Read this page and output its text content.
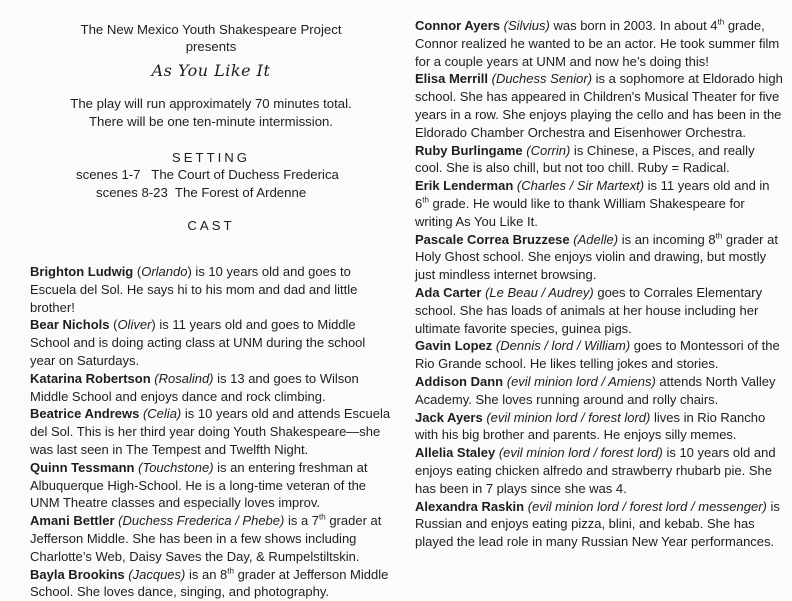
The New Mexico Youth Shakespeare Project
presents
As You Like It
The play will run approximately 70 minutes total.
There will be one ten-minute intermission.
SETTING
scenes 1-7   The Court of Duchess Frederica
scenes 8-23  The Forest of Ardenne
CAST

Brighton Ludwig (Orlando) is 10 years old and goes to Escuela del Sol. He says hi to his mom and dad and little brother!

Bear Nichols (Oliver) is 11 years old and goes to Middle School and is doing acting class at UNM during the school year on Saturdays.

Katarina Robertson (Rosalind) is 13 and goes to Wilson Middle School and enjoys dance and rock climbing.

Beatrice Andrews (Celia) is 10 years old and attends Escuela del Sol. This is her third year doing Youth Shakespeare—she was last seen in The Tempest and Twelfth Night.

Quinn Tessmann (Touchstone) is an entering freshman at Albuquerque High-School. He is a long-time veteran of the UNM Theatre classes and especially loves improv.

Amani Bettler (Duchess Frederica / Phebe) is a 7th grader at Jefferson Middle. She has been in a few shows including Charlotte’s Web, Daisy Saves the Day, & Rumpelstiltskin.

Bayla Brookins (Jacques) is an 8th grader at Jefferson Middle School. She loves dance, singing, and photography.

Connor Ayers (Silvius) was born in 2003. In about 4th grade, Connor realized he wanted to be an actor. He took summer film for a couple years at UNM and now he’s doing this!

Elisa Merrill (Duchess Senior) is a sophomore at Eldorado high school. She has appeared in Children's Musical Theater for five years in a row. She enjoys playing the cello and has been in the Eldorado Chamber Orchestra and Eisenhower Orchestra.

Ruby Burlingame (Corrin) is Chinese, a Pisces, and really cool. She is also chill, but not too chill. Ruby = Radical.

Erik Lenderman (Charles / Sir Martext) is 11 years old and in 6th grade. He would like to thank William Shakespeare for writing As You Like It.

Pascale Correa Bruzzese (Adelle) is an incoming 8th grader at Holy Ghost school. She enjoys violin and drawing, but mostly just mindless internet browsing.

Ada Carter (Le Beau / Audrey) goes to Corrales Elementary school. She has loads of animals at her house including her ultimate favorite species, guinea pigs.

Gavin Lopez (Dennis / lord / William) goes to Montessori of the Rio Grande school. He likes telling jokes and stories.

Addison Dann (evil minion lord / Amiens) attends North Valley Academy. She loves running around and rolly chairs.

Jack Ayers (evil minion lord / forest lord) lives in Rio Rancho with his big brother and parents. He enjoys silly memes.

Allelia Staley (evil minion lord / forest lord) is 10 years old and enjoys eating chicken alfredo and strawberry rhubarb pie. She has been in 7 plays since she was 4.

Alexandra Raskin (evil minion lord / forest lord / messenger) is Russian and enjoys eating pizza, blini, and kebab. She has played the lead role in many Russian New Year performances.
